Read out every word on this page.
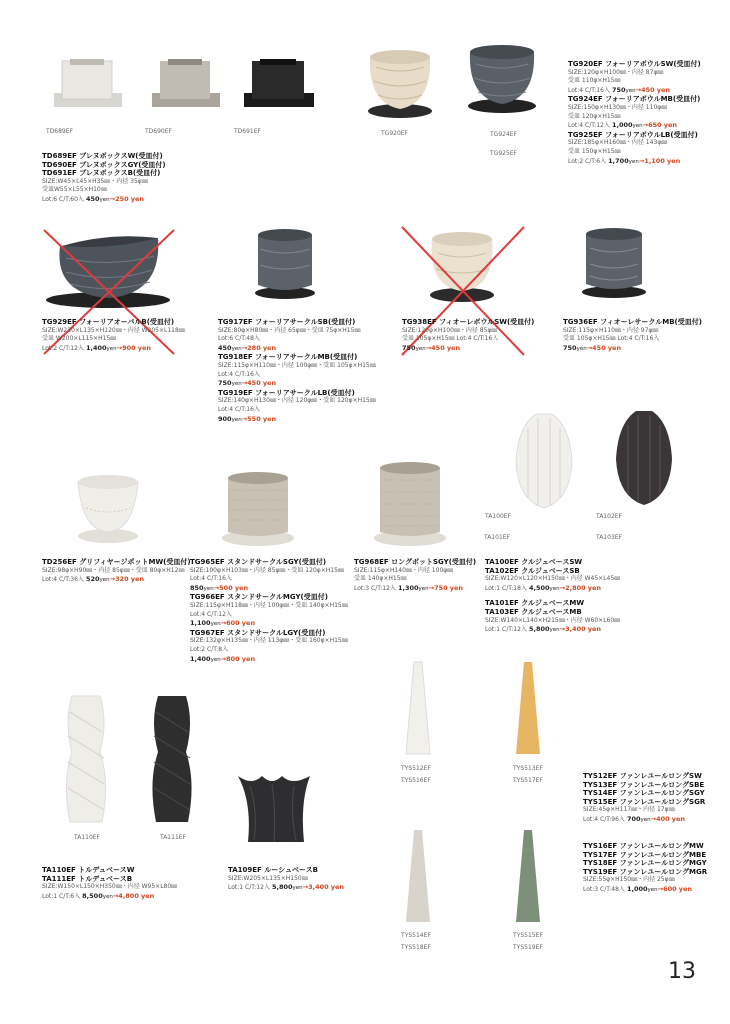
TD689EF	TD690EF	TD691EF	TG920EF	TG924EF
TG925EF
TG920EF フォーリアボウルSW(受皿付)
SIZE:120φ×H100㎜・内径 87φ㎜
受皿 110φ×H15㎜
Lot:4 C/T:16入 750yen→450 yen
TG924EF フォーリアボウルMB(受皿付)
SIZE:150φ×H130㎜・内径 110φ㎜
受皿 120φ×H15㎜
Lot:4 C/T:12入 1,000yen→650 yen
TG925EF フォーリアボウルLB(受皿付)
SIZE:185φ×H160㎜・内径 143φ㎜
受皿 150φ×H15㎜
Lot:2 C/T:6入 1,700yen→1,100 yen
TD689EF プレヌボックスW(受皿付)
TD690EF プレヌボックスGY(受皿付)
TD691EF プレヌボックスB(受皿付)
SIZE:W45×L45×H35㎜・内径 35φ㎜
受皿W55×L55×H10㎜
Lot:6 C/T:60入 450yen→250 yen
TG929EF フォーリアオーバルB(受皿付)
SIZE:W230×L135×H120㎜・内径 W205×L118㎜
受皿 W200×L115×H15㎜
Lot:2 C/T:12入 1,400yen→900 yen
TG917EF フォーリアサークルSB(受皿付)
SIZE:80φ×H80㎜・内径 65φ㎜・受皿 75φ×H15㎜
Lot:6 C/T:48入
450yen→280 yen
TG918EF フォーリアサークルMB(受皿付)
SIZE:115φ×H110㎜・内径 100φ㎜・受皿 105φ×H15㎜
Lot:4 C/T:16入
750yen→450 yen
TG919EF フォーリアサークルLB(受皿付)
SIZE:140φ×H130㎜・内径 120φ㎜・受皿 120φ×H15㎜
Lot:4 C/T:16入
900yen→550 yen
TG938EF フィオーレボウルSW(受皿付)
SIZE:120φ×H100㎜・内径 85φ㎜
受皿 105φ×H15㎜ Lot:4 C/T:16入
750yen→450 yen
TG936EF フィオーレサークルMB(受皿付)
SIZE:115φ×H110㎜・内径 97φ㎜
受皿 105φ×H15㎜ Lot:4 C/T:16入
750yen→450 yen
TA100EF
TA101EF
TA102EF
TA103EF
TD256EF グリフィヤージポットMW(受皿付)
SIZE:98φ×H90㎜・内径 85φ㎜・受皿 80φ×H12㎜
Lot:4 C/T:36入 520yen→320 yen
TG965EF スタンドサークルSGY(受皿付)
SIZE:100φ×H103㎜・内径 85φ㎜・受皿 120φ×H15㎜
Lot:4 C/T:16入
850yen→500 yen
TG966EF スタンドサークルMGY(受皿付)
SIZE:115φ×H118㎜・内径 100φ㎜・受皿 140φ×H15㎜
Lot:4 C/T:12入
1,100yen→600 yen
TG967EF スタンドサークルLGY(受皿付)
SIZE:132φ×H135㎜・内径 113φ㎜・受皿 160φ×H15㎜
Lot:2 C/T:8入
1,400yen→800 yen
TG968EF ロングポットSGY(受皿付)
SIZE:115φ×H140㎜・内径 100φ㎜
受皿 140φ×H15㎜
Lot:3 C/T:12入 1,300yen→750 yen
TA100EF クルジュベースSW
TA102EF クルジュベースSB
SIZE:W120×L120×H150㎜・内径 W45×L45㎜
Lot:1 C/T:18入 4,500yen→2,800 yen
TA101EF クルジュベースMW
TA103EF クルジュベースMB
SIZE:W140×L140×H215㎜・内径 W60×L60㎜
Lot:1 C/T:12入 5,800yen→3,400 yen
TA110EF	TA111EF
TYS512EF
TYS516EF
TYS513EF
TYS517EF
TYS514EF
TYS518EF
TYS515EF
TYS519EF
TA110EF トルデュベースW
TA111EF トルデュベースB
SIZE:W150×L150×H350㎜・内径 W95×L80㎜
Lot:1 C/T:6入 8,500yen→4,800 yen
TA109EF ルーシュベースB
SIZE:W205×L135×H150㎜
Lot:1 C/T:12入 5,800yen→3,400 yen
TYS12EF ファンレユールロングSW
TYS13EF ファンレユールロングSBE
TYS14EF ファンレユールロングSGY
TYS15EF ファンレユールロングSGR
SIZE:45φ×H117㎜・内径 17φ㎜
Lot:4 C/T:96入 700yen→400 yen
TYS16EF ファンレユールロングMW
TYS17EF ファンレユールロングMBE
TYS18EF ファンレユールロングMGY
TYS19EF ファンレユールロングMGR
SIZE:55φ×H150㎜・内径 25φ㎜
Lot:3 C/T:48入 1,000yen→600 yen
13
